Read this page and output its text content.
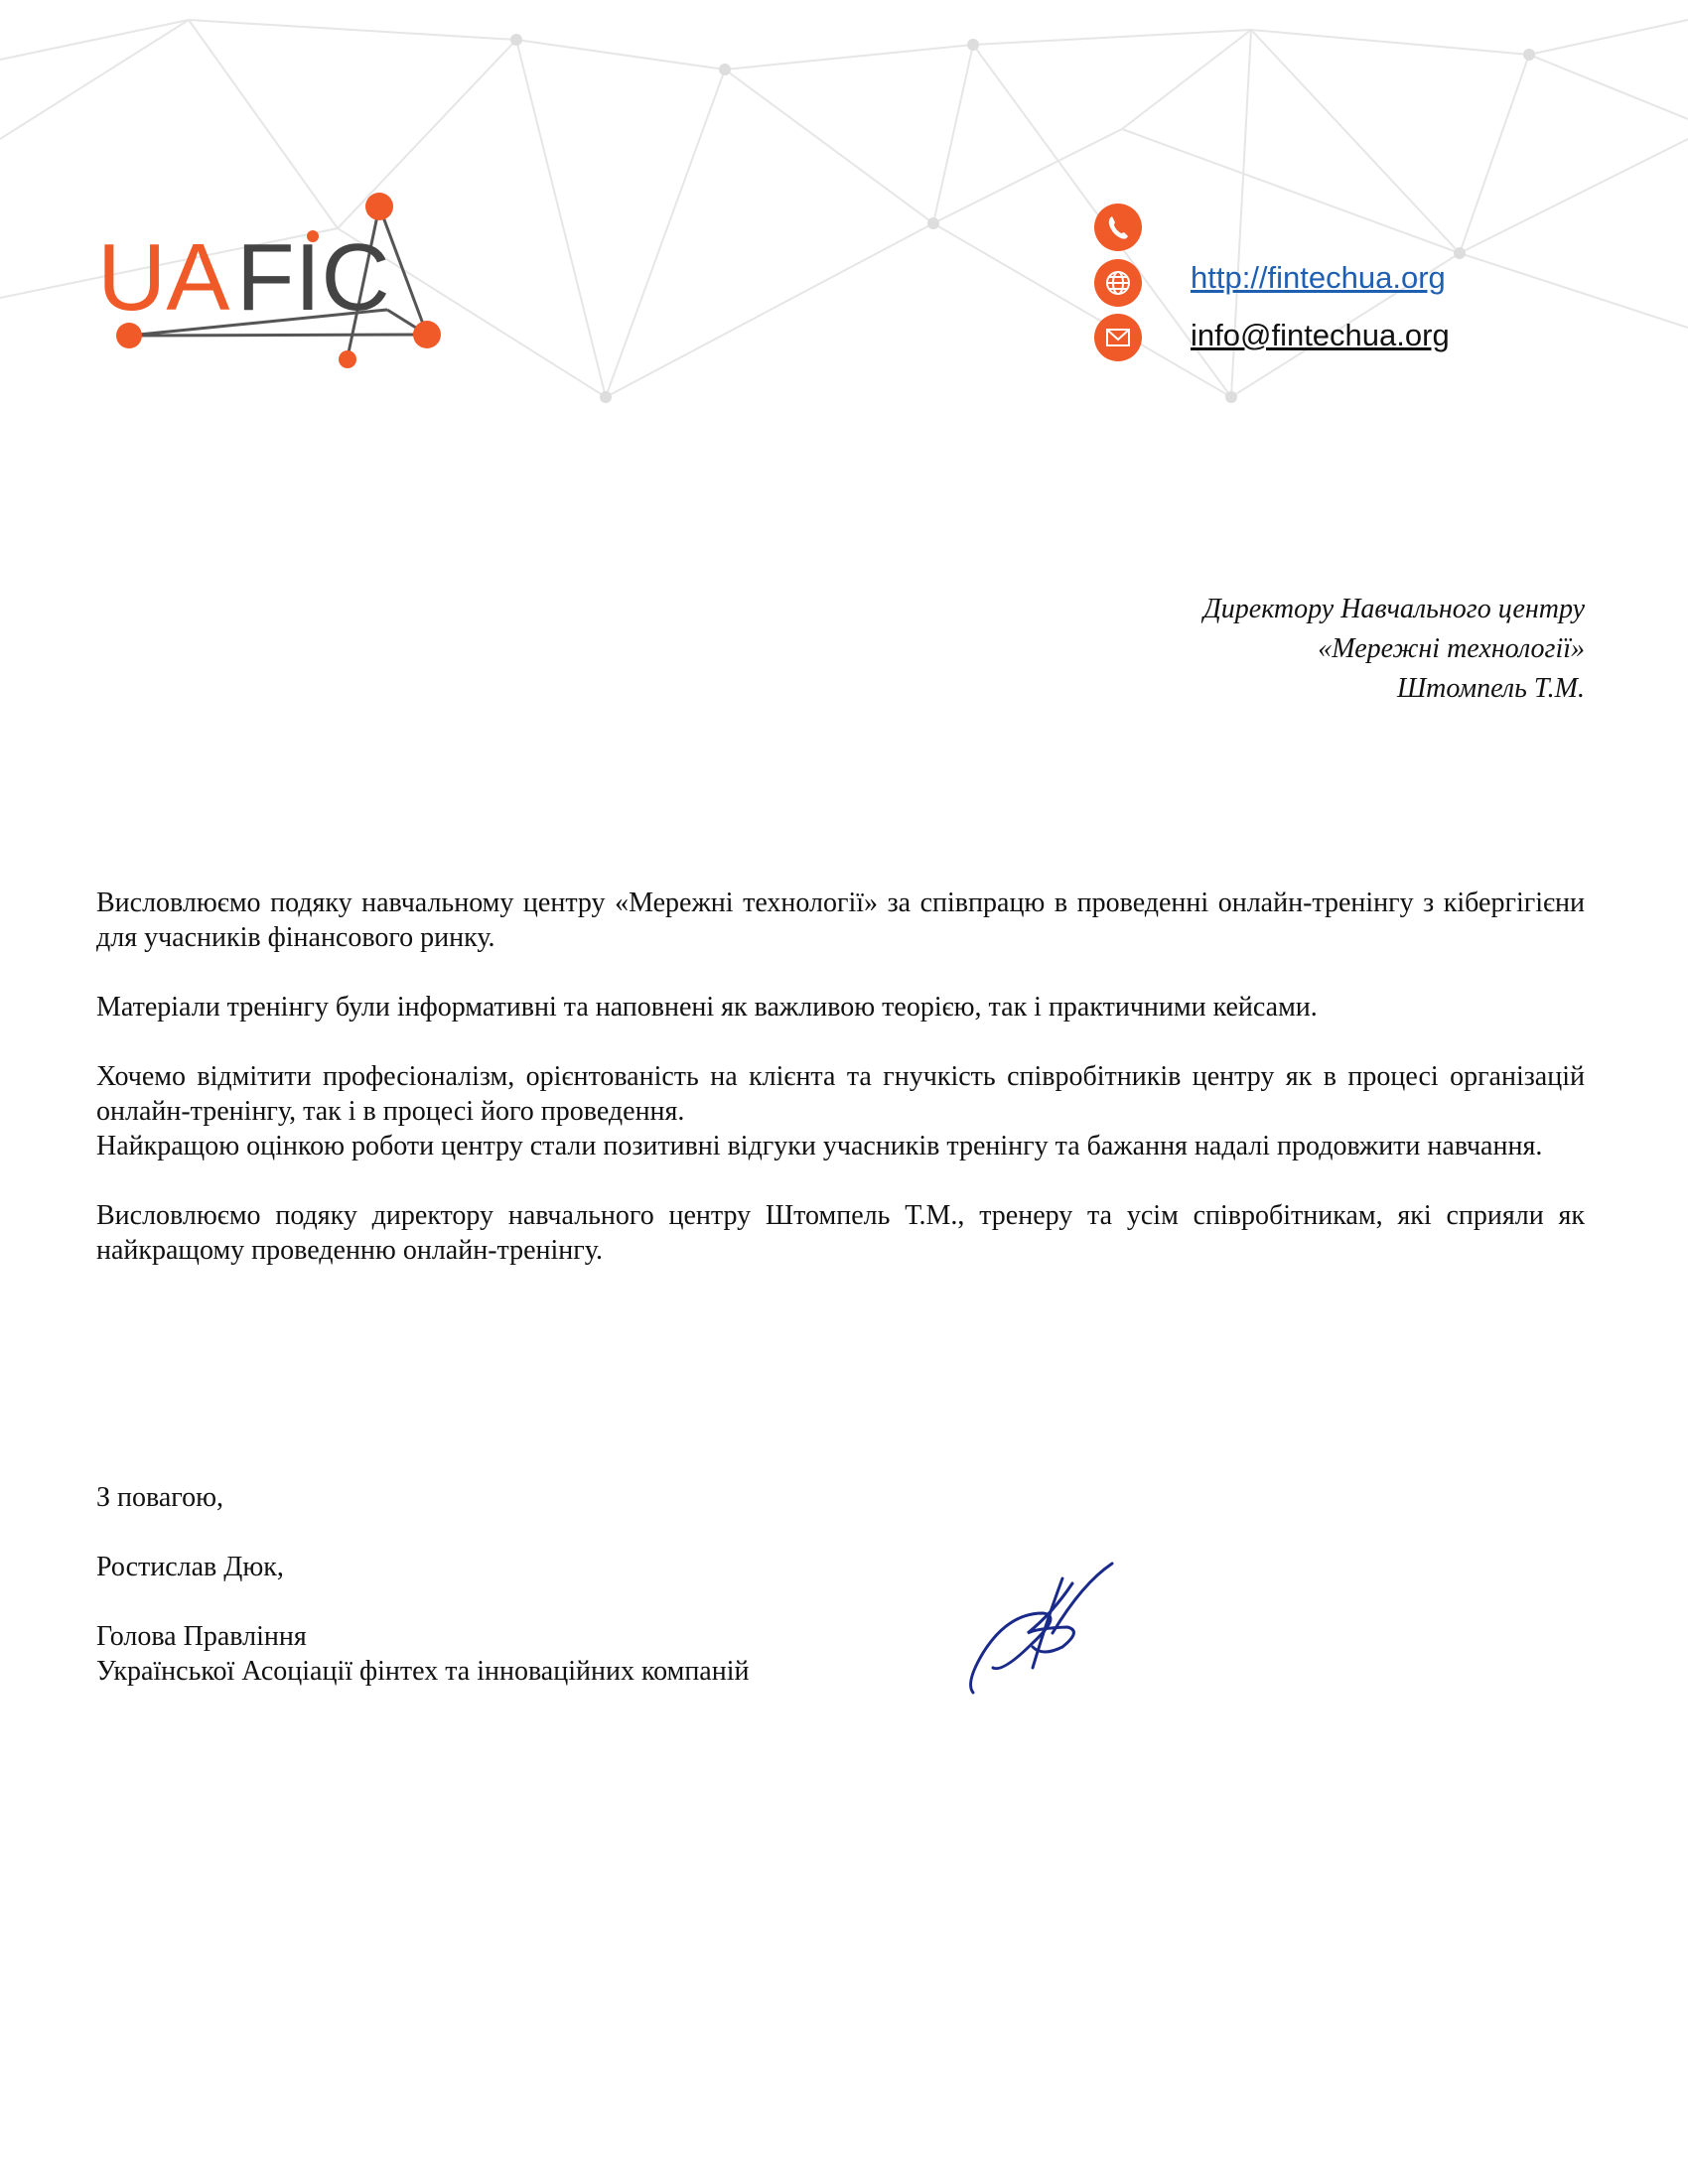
UA FIC	http://fintechua.org
info@fintechua.org
Директору Навчального центру
«Мережні технології»
Штомпель Т.М.

Висловлюємо подяку навчальному центру «Мережні технології» за співпрацю в проведенні онлайн-тренінгу з кібергігієни для учасників фінансового ринку.

Матеріали тренінгу були інформативні та наповнені як важливою теорією, так і практичними кейсами.

Хочемо відмітити професіоналізм, орієнтованість на клієнта та гнучкість співробітників центру як в процесі організацій онлайн-тренінгу, так і в процесі його проведення.

Найкращою оцінкою роботи центру стали позитивні відгуки учасників тренінгу та бажання надалі продовжити навчання.

Висловлюємо подяку директору навчального центру Штомпель Т.М., тренеру та усім співробітникам, які сприяли як найкращому проведенню онлайн-тренінгу.

З повагою,

Ростислав Дюк,

Голова Правління
Української Асоціації фінтех та інноваційних компаній
